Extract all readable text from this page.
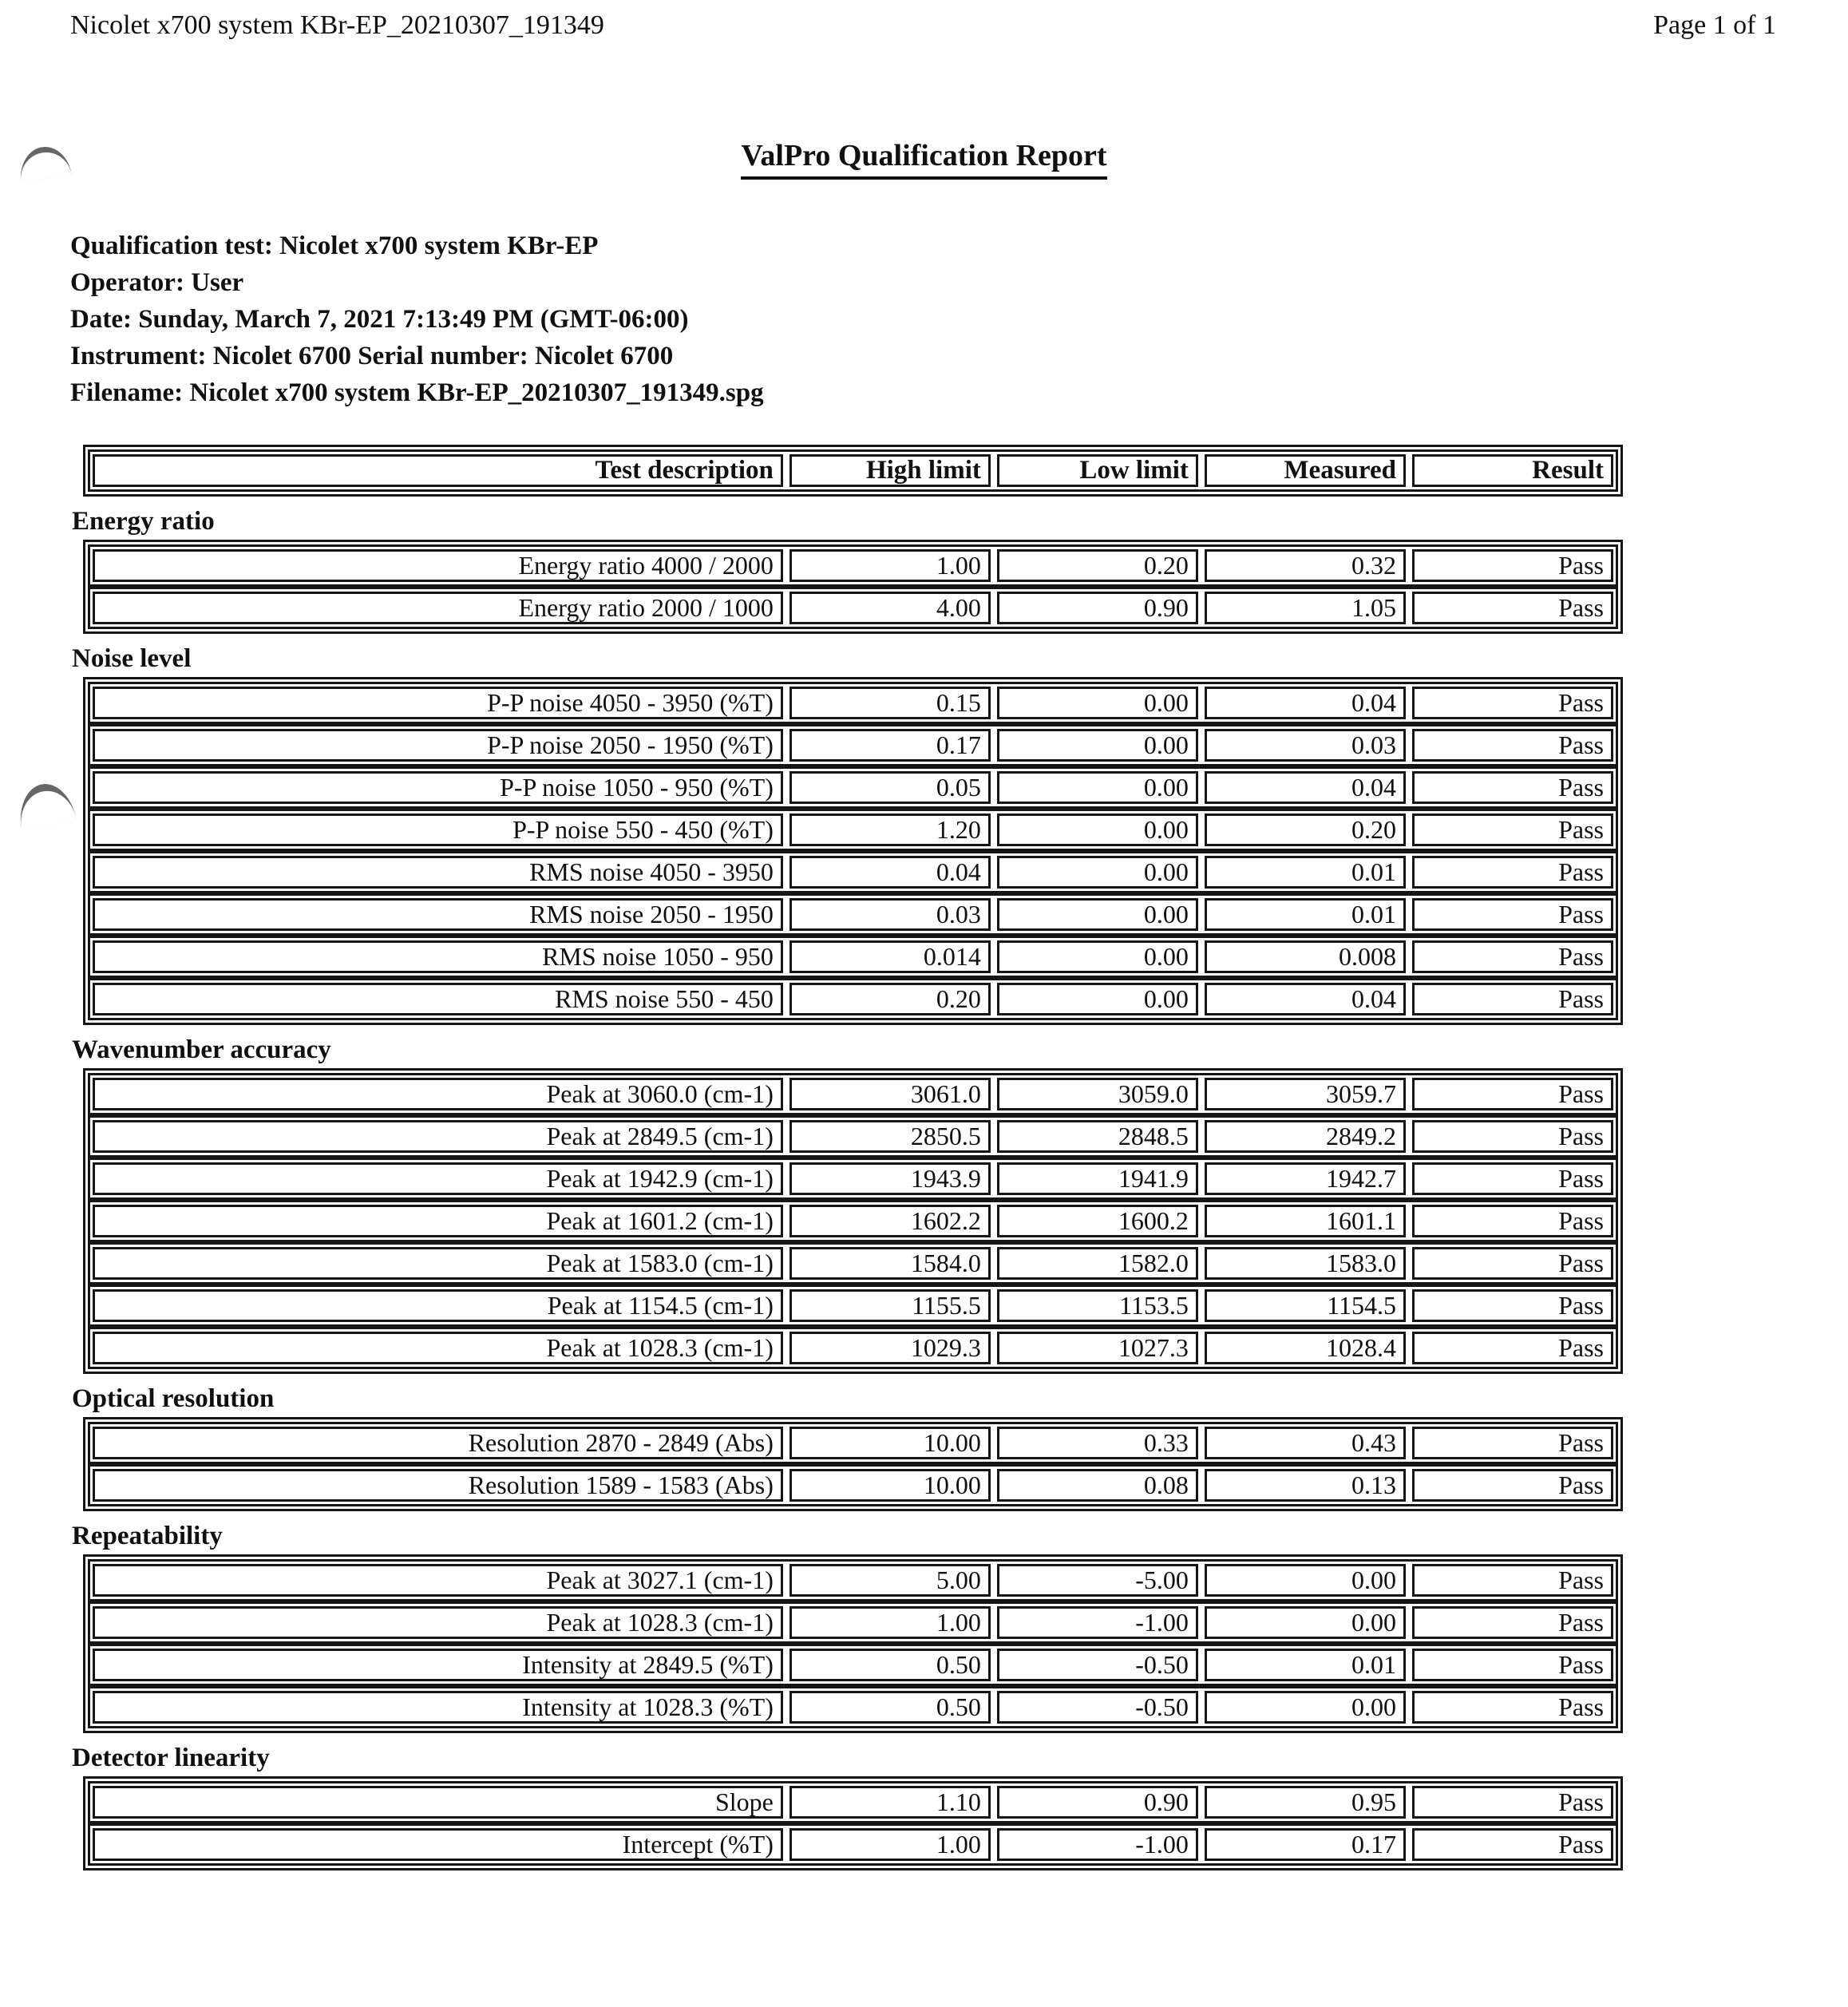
Nicolet x700 system KBr-EP_20210307_191349	Page 1 of 1
ValPro Qualification Report
Qualification test: Nicolet x700 system KBr-EP
Operator: User
Date: Sunday, March 7, 2021 7:13:49 PM (GMT-06:00)
Instrument: Nicolet 6700 Serial number: Nicolet 6700
Filename: Nicolet x700 system KBr-EP_20210307_191349.spg
Test description	High limit	Low limit	Measured	Result
Energy ratio
Energy ratio 4000 / 2000	1.00	0.20	0.32	Pass
Energy ratio 2000 / 1000	4.00	0.90	1.05	Pass
Noise level
P-P noise 4050 - 3950 (%T)	0.15	0.00	0.04	Pass
P-P noise 2050 - 1950 (%T)	0.17	0.00	0.03	Pass
P-P noise 1050 - 950 (%T)	0.05	0.00	0.04	Pass
P-P noise 550 - 450 (%T)	1.20	0.00	0.20	Pass
RMS noise 4050 - 3950	0.04	0.00	0.01	Pass
RMS noise 2050 - 1950	0.03	0.00	0.01	Pass
RMS noise 1050 - 950	0.014	0.00	0.008	Pass
RMS noise 550 - 450	0.20	0.00	0.04	Pass
Wavenumber accuracy
Peak at 3060.0 (cm-1)	3061.0	3059.0	3059.7	Pass
Peak at 2849.5 (cm-1)	2850.5	2848.5	2849.2	Pass
Peak at 1942.9 (cm-1)	1943.9	1941.9	1942.7	Pass
Peak at 1601.2 (cm-1)	1602.2	1600.2	1601.1	Pass
Peak at 1583.0 (cm-1)	1584.0	1582.0	1583.0	Pass
Peak at 1154.5 (cm-1)	1155.5	1153.5	1154.5	Pass
Peak at 1028.3 (cm-1)	1029.3	1027.3	1028.4	Pass
Optical resolution
Resolution 2870 - 2849 (Abs)	10.00	0.33	0.43	Pass
Resolution 1589 - 1583 (Abs)	10.00	0.08	0.13	Pass
Repeatability
Peak at 3027.1 (cm-1)	5.00	-5.00	0.00	Pass
Peak at 1028.3 (cm-1)	1.00	-1.00	0.00	Pass
Intensity at 2849.5 (%T)	0.50	-0.50	0.01	Pass
Intensity at 1028.3 (%T)	0.50	-0.50	0.00	Pass
Detector linearity
Slope	1.10	0.90	0.95	Pass
Intercept (%T)	1.00	-1.00	0.17	Pass
